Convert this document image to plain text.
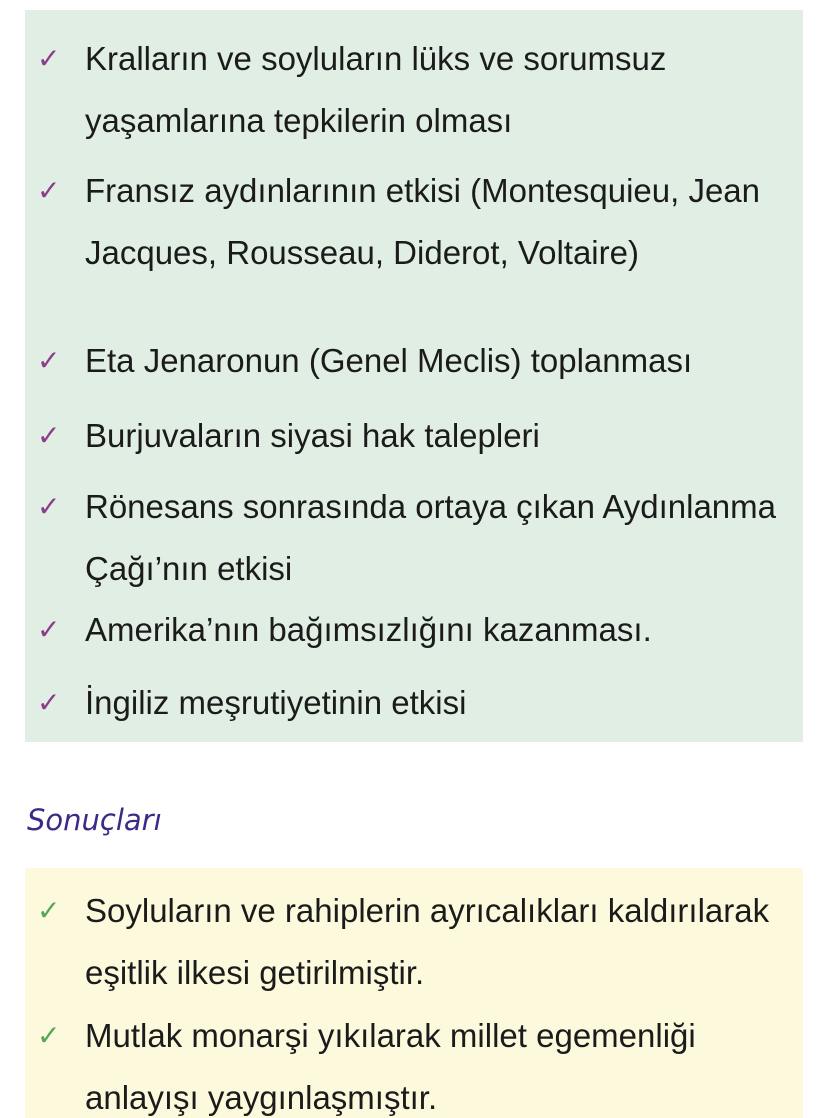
✓ Kralların ve soyluların lüks ve sorumsuz yaşamlarına tepkilerin olması
✓ Fransız aydınlarının etkisi (Montesquieu, Jean Jacques, Rousseau, Diderot, Voltaire)
✓ Eta Jenaronun (Genel Meclis) toplanması
✓ Burjuvaların siyasi hak talepleri
✓ Rönesans sonrasında ortaya çıkan Aydınlanma Çağı’nın etkisi
✓ Amerika’nın bağımsızlığını kazanması.
✓ İngiliz meşrutiyetinin etkisi
Sonuçları
✓ Soyluların ve rahiplerin ayrıcalıkları kaldırılarak eşitlik ilkesi getirilmiştir.
✓ Mutlak monarşi yıkılarak millet egemenliği anlayışı yaygınlaşmıştır.
